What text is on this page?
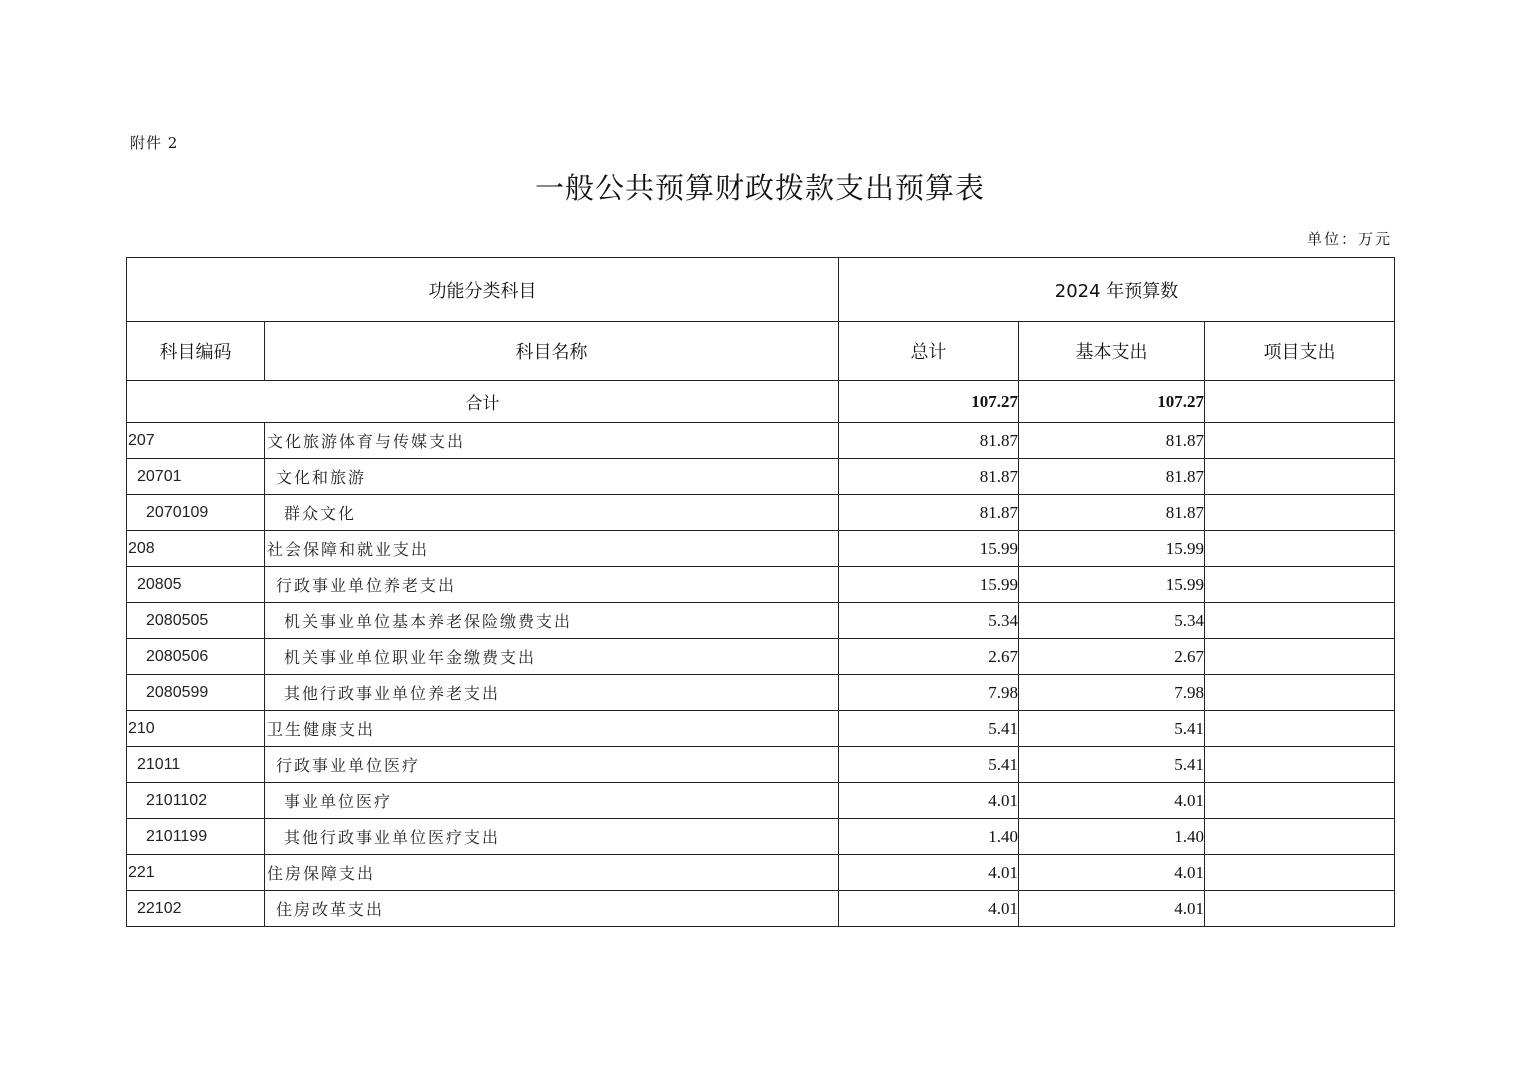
附件 2
一般公共预算财政拨款支出预算表
单位：万元
功能分类科目		2024 年预算数		
科目编码	科目名称	总计	基本支出	项目支出
合计		107.27	107.27	
207	文化旅游体育与传媒支出	81.87	81.87	
20701	文化和旅游	81.87	81.87	
2070109	群众文化	81.87	81.87	
208	社会保障和就业支出	15.99	15.99	
20805	行政事业单位养老支出	15.99	15.99	
2080505	机关事业单位基本养老保险缴费支出	5.34	5.34	
2080506	机关事业单位职业年金缴费支出	2.67	2.67	
2080599	其他行政事业单位养老支出	7.98	7.98	
210	卫生健康支出	5.41	5.41	
21011	行政事业单位医疗	5.41	5.41	
2101102	事业单位医疗	4.01	4.01	
2101199	其他行政事业单位医疗支出	1.40	1.40	
221	住房保障支出	4.01	4.01	
22102	住房改革支出	4.01	4.01	
